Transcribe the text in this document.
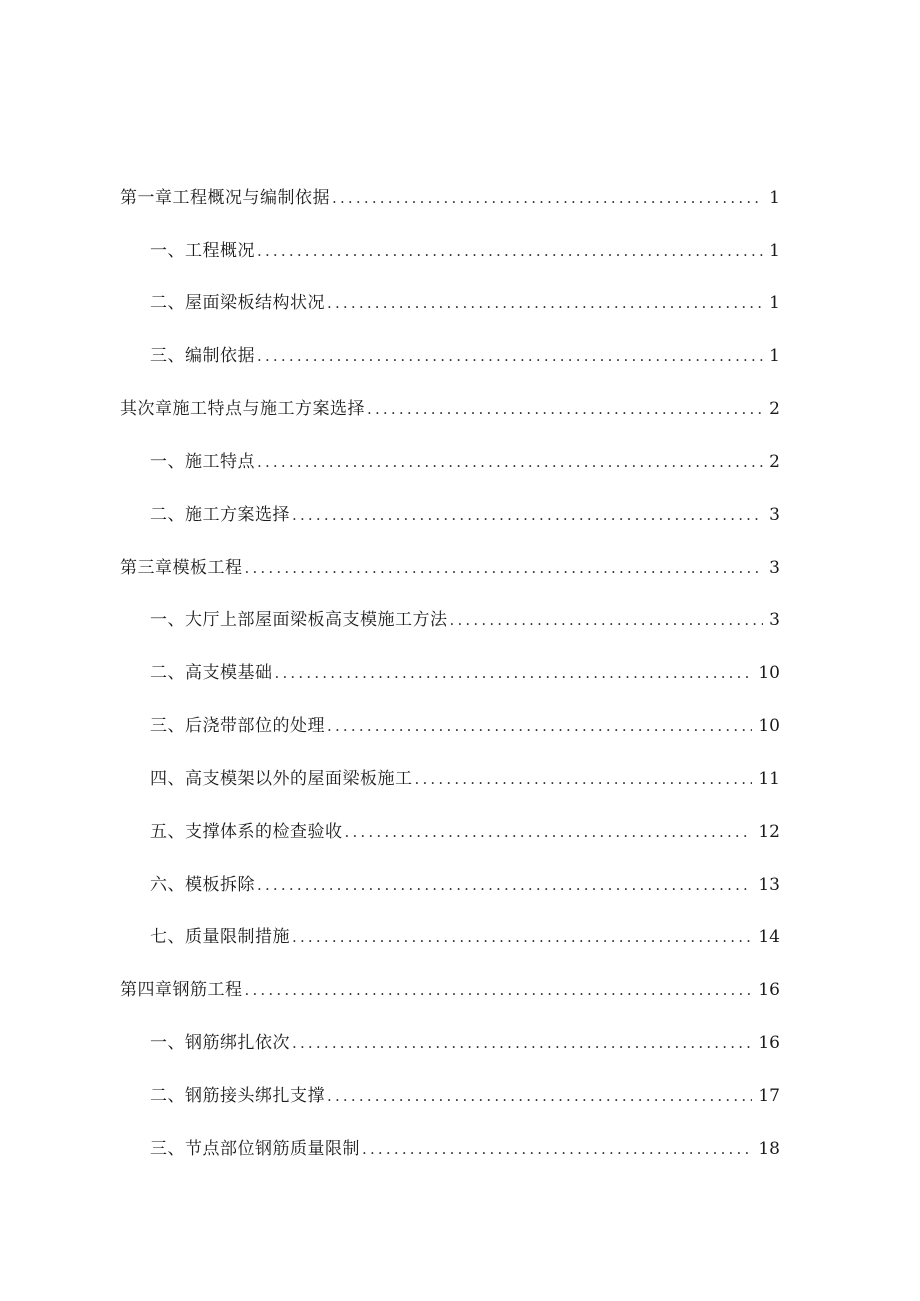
第一章工程概况与编制依据 .....	1
一、工程概况 .....	1
二、屋面梁板结构状况 .....	1
三、编制依据 .....	1
其次章施工特点与施工方案选择 .....	2
一、施工特点 .....	2
二、施工方案选择 .....	3
第三章模板工程 .....	3
一、大厅上部屋面梁板高支模施工方法 .....	3
二、高支模基础 .....	10
三、后浇带部位的处理 .....	10
四、高支模架以外的屋面梁板施工 .....	11
五、支撑体系的检查验收 .....	12
六、模板拆除 .....	13
七、质量限制措施 .....	14
第四章钢筋工程 .....	16
一、钢筋绑扎依次 .....	16
二、钢筋接头绑扎支撑 .....	17
三、节点部位钢筋质量限制 .....	18
